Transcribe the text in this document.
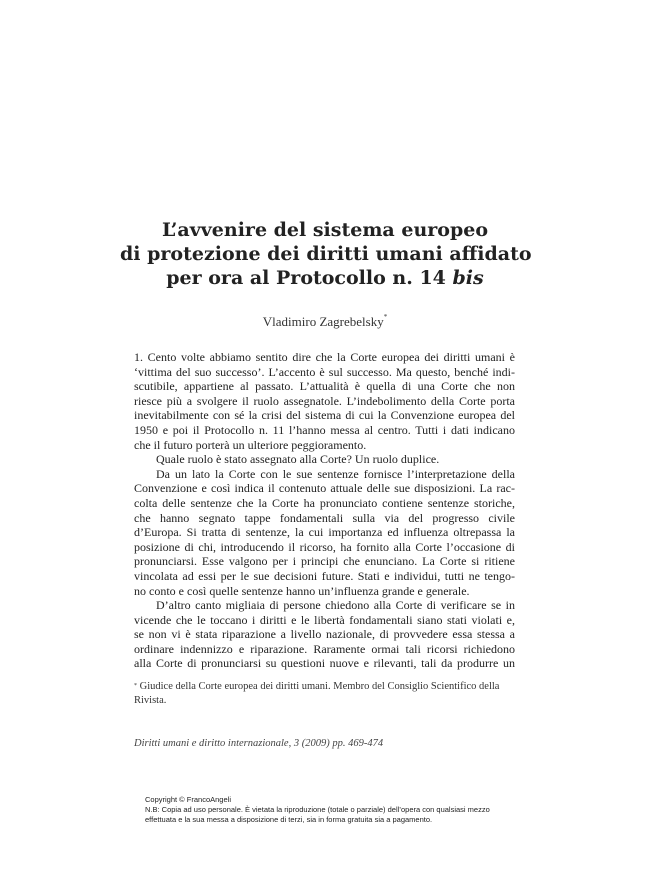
L’avvenire del sistema europeo
di protezione dei diritti umani affidato
per ora al Protocollo n. 14 bis
Vladimiro Zagrebelsky*

1. Cento volte abbiamo sentito dire che la Corte europea dei diritti umani è

‘vittima del suo successo’. L’accento è sul successo. Ma questo, benché indi-

scutibile, appartiene al passato. L’attualità è quella di una Corte che non

riesce più a svolgere il ruolo assegnatole. L’indebolimento della Corte porta

inevitabilmente con sé la crisi del sistema di cui la Convenzione europea del

1950 e poi il Protocollo n. 11 l’hanno messa al centro. Tutti i dati indicano

che il futuro porterà un ulteriore peggioramento.

Quale ruolo è stato assegnato alla Corte? Un ruolo duplice.

Da un lato la Corte con le sue sentenze fornisce l’interpretazione della

Convenzione e così indica il contenuto attuale delle sue disposizioni. La rac-

colta delle sentenze che la Corte ha pronunciato contiene sentenze storiche,

che hanno segnato tappe fondamentali sulla via del progresso civile

d’Europa. Si tratta di sentenze, la cui importanza ed influenza oltrepassa la

posizione di chi, introducendo il ricorso, ha fornito alla Corte l’occasione di

pronunciarsi. Esse valgono per i principi che enunciano. La Corte si ritiene

vincolata ad essi per le sue decisioni future. Stati e individui, tutti ne tengo-

no conto e così quelle sentenze hanno un’influenza grande e generale.

D’altro canto migliaia di persone chiedono alla Corte di verificare se in

vicende che le toccano i diritti e le libertà fondamentali siano stati violati e,

se non vi è stata riparazione a livello nazionale, di provvedere essa stessa a

ordinare indennizzo e riparazione. Raramente ormai tali ricorsi richiedono

alla Corte di pronunciarsi su questioni nuove e rilevanti, tali da produrre un

* Giudice della Corte europea dei diritti umani. Membro del Consiglio Scientifico della

Rivista.

Diritti umani e diritto internazionale, 3 (2009) pp. 469-474
Copyright © FrancoAngeli
N.B: Copia ad uso personale. È vietata la riproduzione (totale o parziale) dell’opera con qualsiasi mezzo
effettuata e la sua messa a disposizione di terzi, sia in forma gratuita sia a pagamento.
